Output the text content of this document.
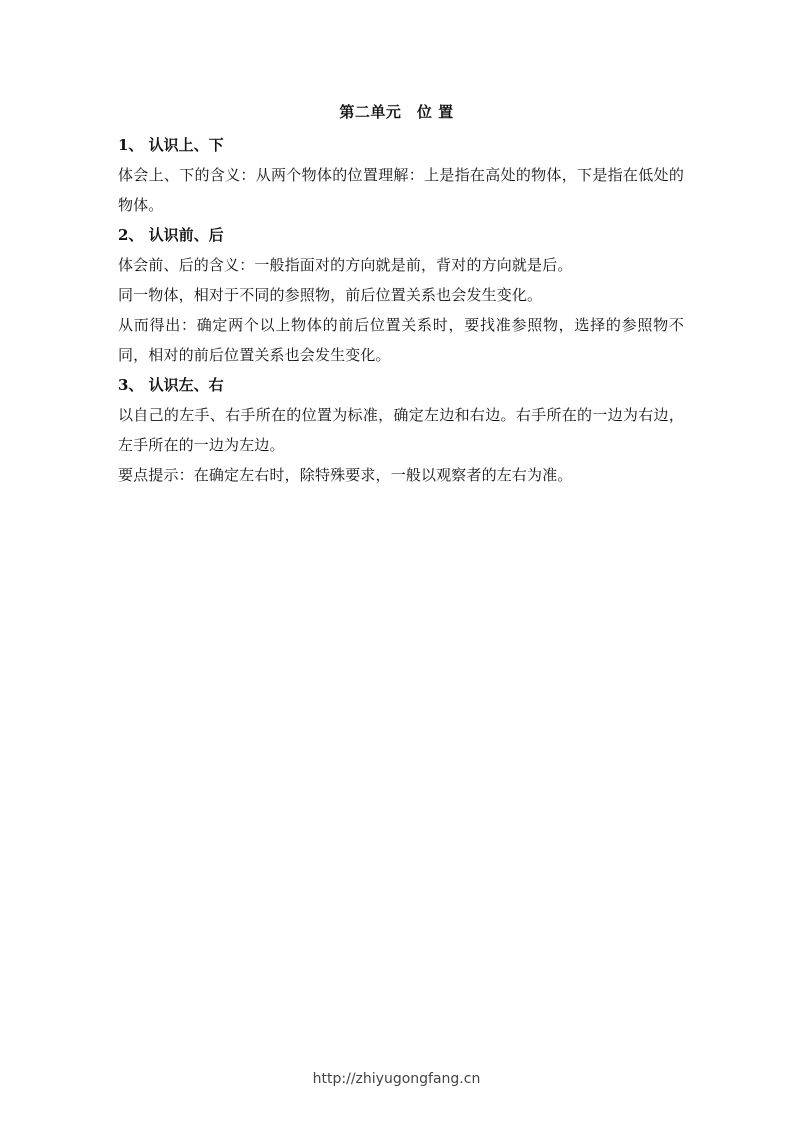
第二单元　位 置
1、 认识上、下
体会上、下的含义：从两个物体的位置理解：上是指在高处的物体，下是指在低处的物体。
2、 认识前、后
体会前、后的含义：一般指面对的方向就是前，背对的方向就是后。
同一物体，相对于不同的参照物，前后位置关系也会发生变化。
从而得出：确定两个以上物体的前后位置关系时，要找准参照物，选择的参照物不同，相对的前后位置关系也会发生变化。
3、 认识左、右
以自己的左手、右手所在的位置为标准，确定左边和右边。右手所在的一边为右边，左手所在的一边为左边。
要点提示：在确定左右时，除特殊要求，一般以观察者的左右为准。
http://zhiyugongfang.cn
